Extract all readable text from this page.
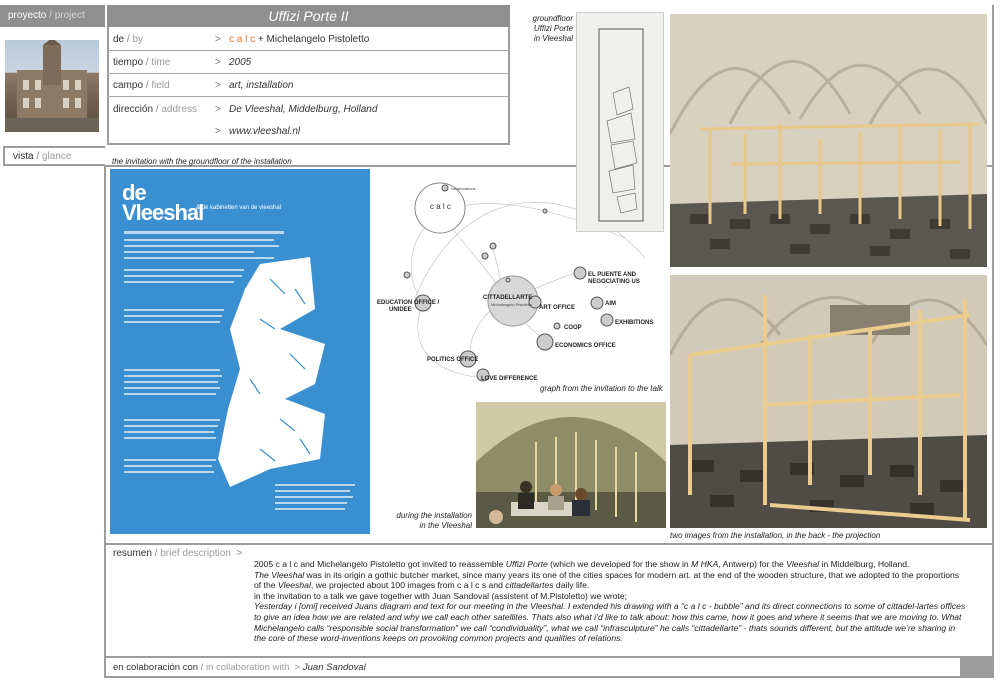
proyecto / project	Uffizi Porte II
de / by	> c a l c + Michelangelo Pistoletto
tiempo / time	> 2005
campo / field	> art, installation
dirección / address	> De Vleeshal, Middelburg, Holland
> www.vleeshal.nl
vista / glance	the invitation with the groundfloor of the installation
de Vleeshal
& de kabinetten van de vleeshal
graph from the invitation to the talk
c a l c
collaborations
CITTADELLARTE
Michelangelo Pistoletto
EL PUENTE AND
NEGOCIATING US
EDUCATION OFFICE /
UNIDEE	ART OFFICE
AIM
EXHIBITIONS
COOP
ECONOMICS OFFICE
POLITICS OFFICE
LOVE DIFFERENCE
groundfloor
Uffizi Porte
in Vleeshal
two images from the installation, in the back - the projection
during the installation
in the Vleeshal
resumen / brief description  >
2005 c a l c and Michelangelo Pistoletto got invited to reassemble Uffizi Porte (which we developed for the show in M HKA, Antwerp) for the Vleeshal in Middelburg, Holland.
The Vleeshal was in its origin a gothic butcher market, since many years its one of the cities spaces for modern art. at the end of the wooden structure, that we adopted to the proportions of the Vleeshal, we projected about 100 images from c a l c s and cittadellartes daily life.
in the invitation to a talk we gave together with Juan Sandoval (assistent of M.Pistoletto) we wrote;
Yesterday i [omi] received Juans diagram and text for our meeting in the Vleeshal. I extended his drawing with a “c a l c - bubble” and its direct connections to some of cittadel-lartes offices to give an idea how we are related and why we call each other satellites. Thats also what i’d like to talk about: how this came, how it goes and where it seems that we are moving to. What Michelangelo calls “responsible social transformation” we call “condividuality”, what we call “infrasculpture” he calls “cittadellarte” - thats sounds different, but the attitude we’re sharing in the core of these word-inventions keeps on provoking common projects and qualities of relations.
en colaboración con / in collaboration with  > Juan Sandoval
